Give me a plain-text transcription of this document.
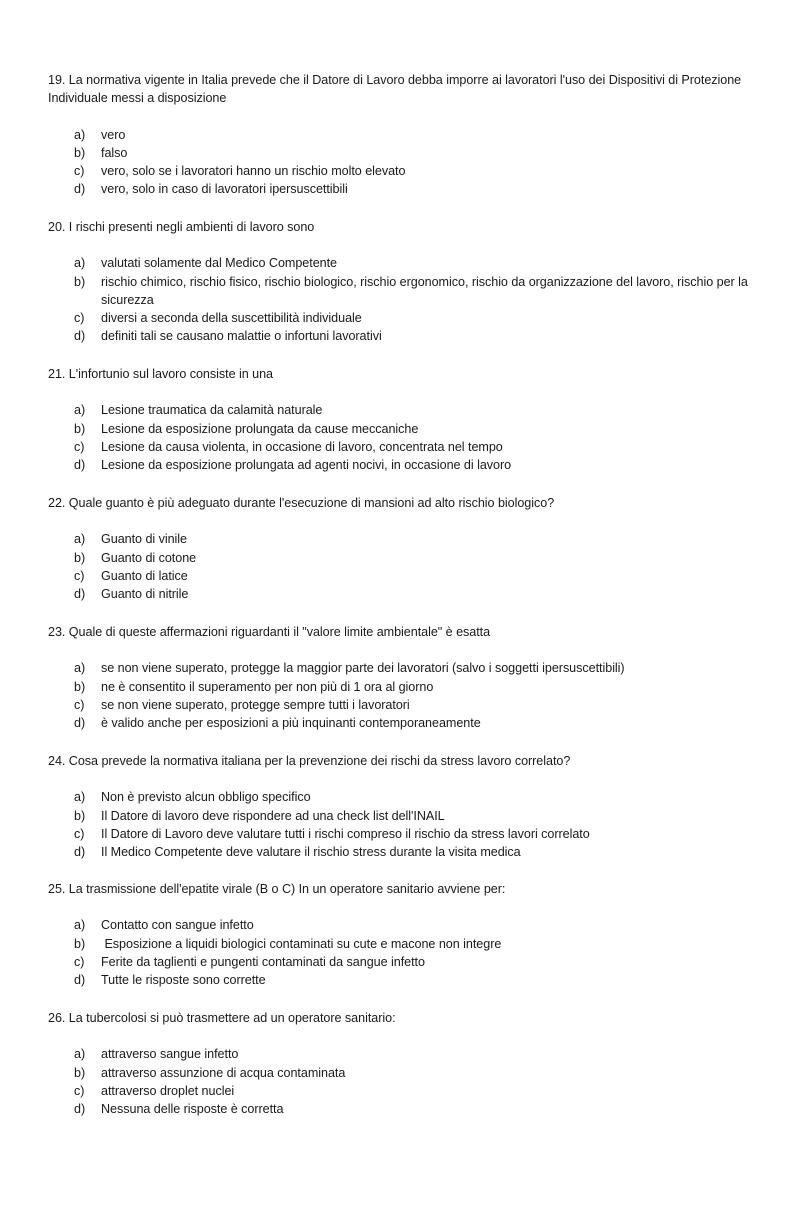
19. La normativa vigente in Italia prevede che il Datore di Lavoro debba imporre ai lavoratori l'uso dei Dispositivi di Protezione Individuale messi a disposizione

a)	vero
b)	falso
c)	vero, solo se i lavoratori hanno un rischio molto elevato
d)	vero, solo in caso di lavoratori ipersuscettibili

20. I rischi presenti negli ambienti di lavoro sono

a)	valutati solamente dal Medico Competente
b)	rischio chimico, rischio fisico, rischio biologico, rischio ergonomico, rischio da organizzazione del lavoro, rischio per la sicurezza
c)	diversi a seconda della suscettibilità individuale
d)	definiti tali se causano malattie o infortuni lavorativi

21. L'infortunio sul lavoro consiste in una

a)	Lesione traumatica da calamità naturale
b)	Lesione da esposizione prolungata da cause meccaniche
c)	Lesione da causa violenta, in occasione di lavoro, concentrata nel tempo
d)	Lesione da esposizione prolungata ad agenti nocivi, in occasione di lavoro

22. Quale guanto è più adeguato durante l'esecuzione di mansioni ad alto rischio biologico?

a)	Guanto di vinile
b)	Guanto di cotone
c)	Guanto di latice
d)	Guanto di nitrile

23. Quale di queste affermazioni riguardanti il "valore limite ambientale" è esatta

a)	se non viene superato, protegge la maggior parte dei lavoratori (salvo i soggetti ipersuscettibili)
b)	ne è consentito il superamento per non più di 1 ora al giorno
c)	se non viene superato, protegge sempre tutti i lavoratori
d)	è valido anche per esposizioni a più inquinanti contemporaneamente

24. Cosa prevede la normativa italiana per la prevenzione dei rischi da stress lavoro correlato?

a)	Non è previsto alcun obbligo specifico
b)	Il Datore di lavoro deve rispondere ad una check list dell'INAIL
c)	Il Datore di Lavoro deve valutare tutti i rischi compreso il rischio da stress lavori correlato
d)	Il Medico Competente deve valutare il rischio stress durante la visita medica

25. La trasmissione dell'epatite virale (B o C) In un operatore sanitario avviene per:

a)	Contatto con sangue infetto
b)	Esposizione a liquidi biologici contaminati su cute e macone non integre
c)	Ferite da taglienti e pungenti contaminati da sangue infetto
d)	Tutte le risposte sono corrette

26. La tubercolosi si può trasmettere ad un operatore sanitario:

a)	attraverso sangue infetto
b)	attraverso assunzione di acqua contaminata
c)	attraverso droplet nuclei
d)	Nessuna delle risposte è corretta
